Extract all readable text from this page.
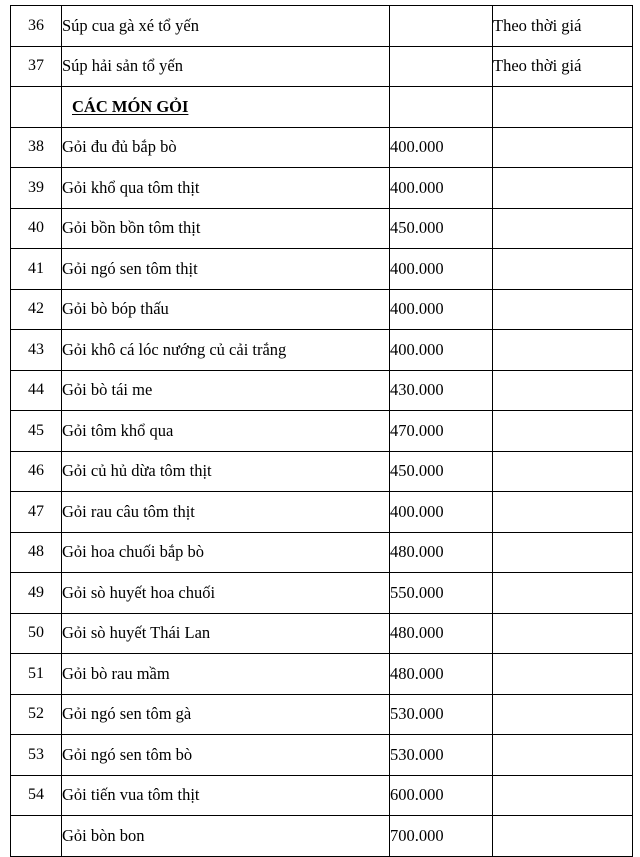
36	Súp cua gà xé tổ yến		Theo thời giá
37	Súp hải sản tổ yến		Theo thời giá
	CÁC MÓN GỎI		
38	Gỏi đu đủ bắp bò	400.000	
39	Gỏi khổ qua tôm thịt	400.000	
40	Gỏi bồn bồn tôm thịt	450.000	
41	Gỏi ngó sen tôm thịt	400.000	
42	Gỏi bò bóp thấu	400.000	
43	Gỏi khô cá lóc nướng củ cải trắng	400.000	
44	Gỏi bò tái me	430.000	
45	Gỏi tôm khổ qua	470.000	
46	Gỏi củ hủ dừa tôm thịt	450.000	
47	Gỏi rau câu tôm thịt	400.000	
48	Gỏi hoa chuối bắp bò	480.000	
49	Gỏi sò huyết hoa chuối	550.000	
50	Gỏi sò huyết Thái Lan	480.000	
51	Gỏi bò rau mầm	480.000	
52	Gỏi ngó sen tôm gà	530.000	
53	Gỏi ngó sen tôm bò	530.000	
54	Gỏi tiến vua tôm thịt	600.000	
	Gỏi bòn bon	700.000	
